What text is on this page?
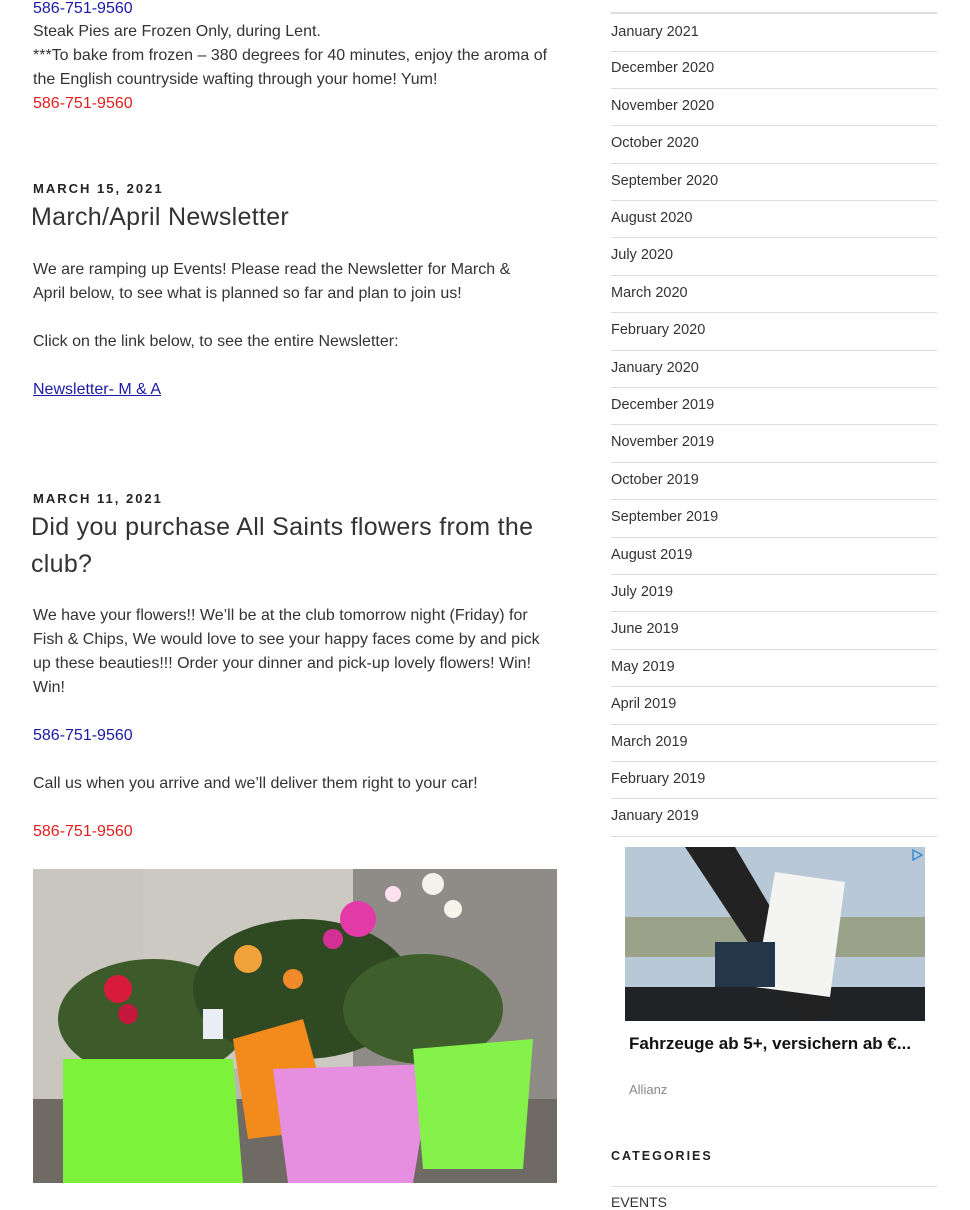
586-751-9560

Steak Pies are Frozen Only, during Lent.

***To bake from frozen – 380 degrees for 40 minutes, enjoy the aroma of the English countryside wafting through your home! Yum!

586-751-9560
MARCH 15, 2021
March/April Newsletter

We are ramping up Events! Please read the Newsletter for March & April below, to see what is planned so far and plan to join us!

Click on the link below, to see the entire Newsletter:

Newsletter- M & A
MARCH 11, 2021
Did you purchase All Saints flowers from the club?

We have your flowers!! We’ll be at the club tomorrow night (Friday) for Fish & Chips, We would love to see your happy faces come by and pick up these beauties!!! Order your dinner and pick-up lovely flowers! Win! Win!

586-751-9560

Call us when you arrive and we’ll deliver them right to your car!

586-751-9560
January 2021
December 2020
November 2020
October 2020
September 2020
August 2020
July 2020
March 2020
February 2020
January 2020
December 2019
November 2019
October 2019
September 2019
August 2019
July 2019
June 2019
May 2019
April 2019
March 2019
February 2019
January 2019
Fahrzeuge ab 5+, versichern ab €...
Allianz
CATEGORIES
EVENTS
